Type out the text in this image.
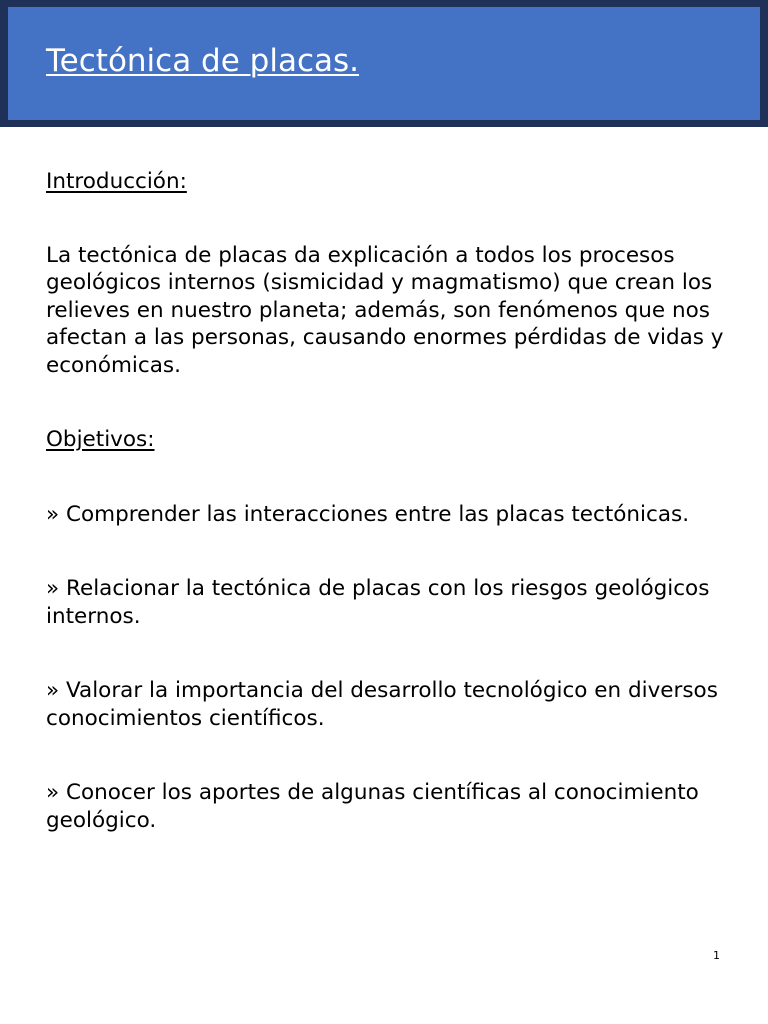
Tectónica de placas.

Introducción:

La tectónica de placas da explicación a todos los procesos geológicos internos (sismicidad y magmatismo) que crean los relieves en nuestro planeta; además, son fenómenos que nos afectan a las personas, causando enormes pérdidas de vidas y económicas.

Objetivos:

» Comprender las interacciones entre las placas tectónicas.

» Relacionar la tectónica de placas con los riesgos geológicos internos.

» Valorar la importancia del desarrollo tecnológico en diversos conocimientos científicos.

» Conocer los aportes de algunas científicas al conocimiento geológico.

1
